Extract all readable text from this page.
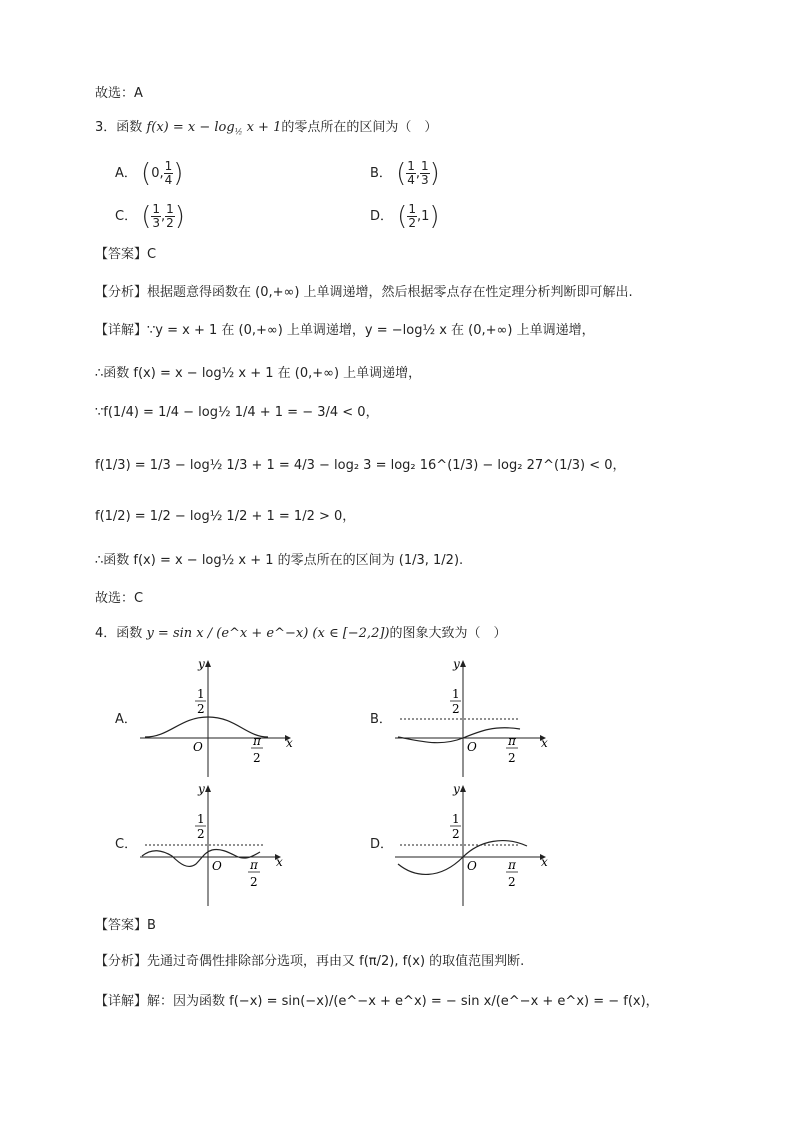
故选：A
3．函数 $f(x) = x - \log_{\frac{1}{2}} x + 1$的零点所在的区间为（　）
A． (0, $\frac{1}{4}$ )	B． ( $\frac{1}{4}$ , $\frac{1}{3}$ )
C． ( $\frac{1}{3}$ , $\frac{1}{2}$ )	D． ( $\frac{1}{2} ,1$)
【答案】C
【分析】根据题意得函数在 (0,+∞) 上单调递增，然后根据零点存在性定理分析判断即可解出.
【详解】∵y = x + 1 在 (0,+∞) 上单调递增，y = −log½ x 在 (0,+∞) 上单调递增，
∴函数 f(x) = x − log½ x + 1 在 (0,+∞) 上单调递增，
∵f(1/4) = 1/4 − log½ 1/4 + 1 = − 3/4 < 0，
f(1/3) = 1/3 − log½ 1/3 + 1 = 4/3 − log₂ 3 = log₂ 16^(1/3) − log₂ 27^(1/3) < 0，
f(1/2) = 1/2 − log½ 1/2 + 1 = 1/2 > 0，
∴函数 f(x) = x − log½ x + 1 的零点所在的区间为 (1/3, 1/2).
故选：C
4．函数 y = sin x / (e^x + e^−x) (x ∈ [−2,2])的图象大致为（　）
A．
y
x
O
1
2
π
2
B．
y
x
O
1
2
π
2
C．
y
x
O
1
2
π
2
D．
y
x
O
1
2
π
2
【答案】B
【分析】先通过奇偶性排除部分选项，再由又 f(π/2), f(x) 的取值范围判断.
【详解】解：因为函数 f(−x) = sin(−x)/(e^−x + e^x) = − sin x/(e^−x + e^x) = − f(x)，
